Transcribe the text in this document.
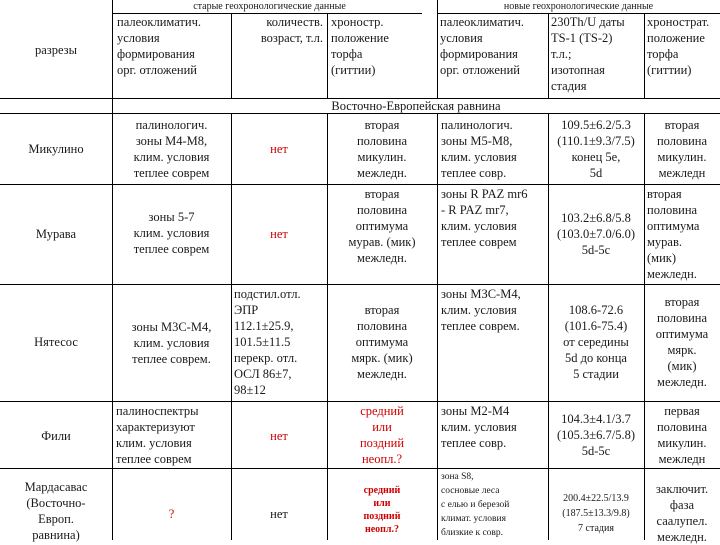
старые геохронологические данные	новые геохронологические данные
разрезы
палеоклиматич.
условия
формирования
орг. отложений
количеств.
возраст, т.л.
хроностр.
положение
торфа
(гиттии)
палеоклиматич.
условия
формирования
орг. отложений
230Th/U даты
TS-1 (TS-2)
т.л.;
изотопная
стадия
хронострат.
положение
торфа
(гиттии)
Восточно-Европейская равнина
Микулино
палинологич.
зоны М4-М8,
клим. условия
теплее соврем
нет
вторая
половина
микулин.
межледн.
палинологич.
зоны М5-М8,
клим. условия
теплее совр.
109.5±6.2/5.3
(110.1±9.3/7.5)
конец 5е,
5d
вторая
половина
микулин.
межледн
Мурава
зоны 5-7
клим. условия
теплее соврем
нет
вторая
половина
оптимума
мурав. (мик)
межледн.
зоны R PAZ mr6
- R PAZ mr7,
клим. условия
теплее соврем
103.2±6.8/5.8
(103.0±7.0/6.0)
5d-5c
вторая
половина
оптимума
мурав.
(мик)
межледн.
Нятесос
зоны М3С-М4,
клим. условия
теплее соврем.
подстил.отл.
ЭПР
112.1±25.9,
101.5±11.5
перекр. отл.
ОСЛ 86±7,
98±12
вторая
половина
оптимума
мярк. (мик)
межледн.
зоны МЗС-М4,
клим. условия
теплее соврем.
108.6-72.6
(101.6-75.4)
от середины
5d до конца
5 стадии
вторая
половина
оптимума
мярк.
(мик)
межледн.
Фили
палиноспектры
характеризуют
клим. условия
теплее соврем
нет
средний
или
поздний
неопл.?
зоны М2-М4
клим. условия
теплее совр.
104.3±4.1/3.7
(105.3±6.7/5.8)
5d-5c
первая
половина
микулин.
межледн
Мардасавас
(Восточно-
Европ.
равнина)
?	нет
средний
или
поздний
неопл.?
зона S8,
сосновые леса
с елью и березой
климат. условия
близкие к совр.
200.4±22.5/13.9
(187.5±13.3/9.8)
7 стадия
заключит.
фаза
саалупел.
межледн.
